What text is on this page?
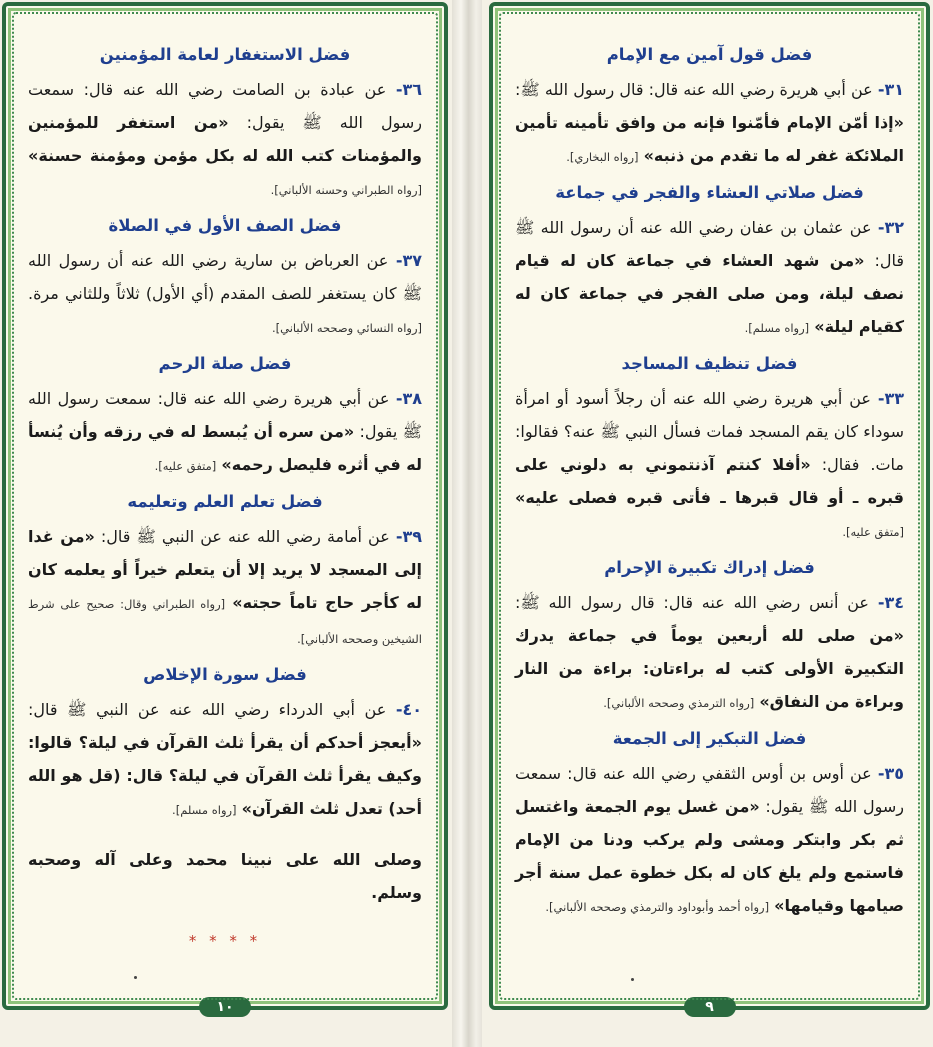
فضل الاستغفار لعامة المؤمنين

٣٦- عن عبادة بن الصامت رضي الله عنه قال: سمعت رسول الله ﷺ يقول: «من استغفر للمؤمنين والمؤمنات كتب الله له بكل مؤمن ومؤمنة حسنة» [رواه الطبراني وحسنه الألباني].

فضل الصف الأول في الصلاة

٣٧- عن العرباض بن سارية رضي الله عنه أن رسول الله ﷺ كان يستغفر للصف المقدم (أي الأول) ثلاثاً وللثاني مرة. [رواه النسائي وصححه الألباني].

فضل صلة الرحم

٣٨- عن أبي هريرة رضي الله عنه قال: سمعت رسول الله ﷺ يقول: «من سره أن يُبسط له في رزقه وأن يُنسأ له في أثره فليصل رحمه» [متفق عليه].

فضل تعلم العلم وتعليمه

٣٩- عن أمامة رضي الله عنه عن النبي ﷺ قال: «من غدا إلى المسجد لا يريد إلا أن يتعلم خيراً أو يعلمه كان له كأجر حاج تاماً حجته» [رواه الطبراني وقال: صحيح على شرط الشيخين وصححه الألباني].

فضل سورة الإخلاص

٤٠- عن أبي الدرداء رضي الله عنه عن النبي ﷺ قال: «أيعجز أحدكم أن يقرأ ثلث القرآن في ليلة؟ قالوا: وكيف يقرأ ثلث القرآن في ليلة؟ قال: (قل هو الله أحد) تعدل ثلث القرآن» [رواه مسلم].

وصلى الله على نبينا محمد وعلى آله وصحبه وسلم.

* * * *
١٠
فضل قول آمين مع الإمام

٣١- عن أبي هريرة رضي الله عنه قال: قال رسول الله ﷺ: «إذا أمّن الإمام فأمّنوا فإنه من وافق تأمينه تأمين الملائكة غفر له ما تقدم من ذنبه» [رواه البخاري].

فضل صلاتي العشاء والفجر في جماعة

٣٢- عن عثمان بن عفان رضي الله عنه أن رسول الله ﷺ قال: «من شهد العشاء في جماعة كان له قيام نصف ليلة، ومن صلى الفجر في جماعة كان له كقيام ليلة» [رواه مسلم].

فضل تنظيف المساجد

٣٣- عن أبي هريرة رضي الله عنه أن رجلاً أسود أو امرأة سوداء كان يقم المسجد فمات فسأل النبي ﷺ عنه؟ فقالوا: مات. فقال: «أفلا كنتم آذنتموني به دلوني على قبره ـ أو قال قبرها ـ فأتى قبره فصلى عليه» [متفق عليه].

فضل إدراك تكبيرة الإحرام

٣٤- عن أنس رضي الله عنه قال: قال رسول الله ﷺ: «من صلى لله أربعين يوماً في جماعة يدرك التكبيرة الأولى كتب له براءتان: براءة من النار وبراءة من النفاق» [رواه الترمذي وصححه الألباني].

فضل التبكير إلى الجمعة

٣٥- عن أوس بن أوس الثقفي رضي الله عنه قال: سمعت رسول الله ﷺ يقول: «من غسل يوم الجمعة واغتسل ثم بكر وابتكر ومشى ولم يركب ودنا من الإمام فاستمع ولم يلغ كان له بكل خطوة عمل سنة أجر صيامها وقيامها» [رواه أحمد وأبوداود والترمذي وصححه الألباني].

٩
